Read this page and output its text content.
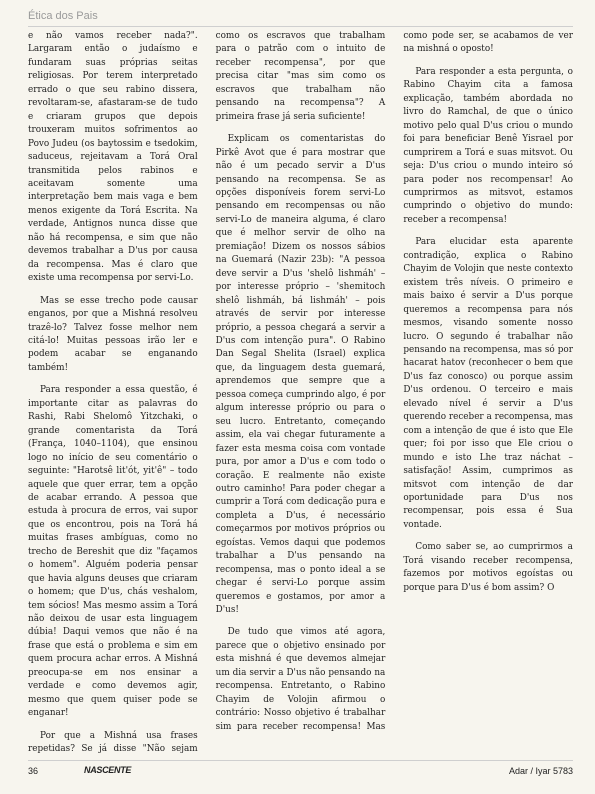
Ética dos Pais

e não vamos receber nada?". Largaram então o judaísmo e fundaram suas próprias seitas religiosas. Por terem interpretado errado o que seu rabino dissera, revoltaram-se, afastaram-se de tudo e criaram grupos que depois trouxeram muitos sofrimentos ao Povo Judeu (os baytossim e tsedokim, saduceus, rejeitavam a Torá Oral transmitida pelos rabinos e aceitavam somente uma interpretação bem mais vaga e bem menos exigente da Torá Escrita. Na verdade, Antignos nunca disse que não há recompensa, e sim que não devemos trabalhar a D'us por causa da recompensa. Mas é claro que existe uma recompensa por servi-Lo.

Mas se esse trecho pode causar enganos, por que a Mishná resolveu trazê-lo? Talvez fosse melhor nem citá-lo! Muitas pessoas irão ler e podem acabar se enganando também!

Para responder a essa questão, é importante citar as palavras do Rashi, Rabi Shelomô Yitzchaki, o grande comentarista da Torá (França, 1040–1104), que ensinou logo no início de seu comentário o seguinte: "Harotsê lit'ót, yit'ê" – todo aquele que quer errar, tem a opção de acabar errando. A pessoa que estuda à procura de erros, vai supor que os encontrou, pois na Torá há muitas frases ambíguas, como no trecho de Bereshit que diz "façamos o homem". Alguém poderia pensar que havia alguns deuses que criaram o homem; que D'us, chás veshalom, tem sócios! Mas mesmo assim a Torá não deixou de usar esta linguagem dúbia! Daqui vemos que não é na frase que está o problema e sim em quem procura achar erros. A Mishná preocupa-se em nos ensinar a verdade e como devemos agir, mesmo que quem quiser pode se enganar!

Por que a Mishná usa frases repetidas? Se já disse "Não sejam como os escravos que trabalham para o patrão com o intuito de receber recompensa", por que precisa citar "mas sim como os escravos que trabalham não pensando na recompensa"? A primeira frase já seria suficiente!

Explicam os comentaristas do Pirkê Avot que é para mostrar que não é um pecado servir a D'us pensando na recompensa. Se as opções disponíveis forem servi-Lo pensando em recompensas ou não servi-Lo de maneira alguma, é claro que é melhor servir de olho na premiação! Dizem os nossos sábios na Guemará (Nazir 23b): "A pessoa deve servir a D'us 'shelô lishmáh' – por interesse próprio – 'shemitoch shelô lishmáh, bá lishmáh' – pois através de servir por interesse próprio, a pessoa chegará a servir a D'us com intenção pura". O Rabino Dan Segal Shelita (Israel) explica que, da linguagem desta guemará, aprendemos que sempre que a pessoa começa cumprindo algo, é por algum interesse próprio ou para o seu lucro. Entretanto, começando assim, ela vai chegar futuramente a fazer esta mesma coisa com vontade pura, por amor a D'us e com todo o coração. E realmente não existe outro caminho! Para poder chegar a cumprir a Torá com dedicação pura e completa a D'us, é necessário começarmos por motivos próprios ou egoístas. Vemos daqui que podemos trabalhar a D'us pensando na recompensa, mas o ponto ideal a se chegar é servi-Lo porque assim queremos e gostamos, por amor a D'us!

De tudo que vimos até agora, parece que o objetivo ensinado por esta mishná é que devemos almejar um dia servir a D'us não pensando na recompensa. Entretanto, o Rabino Chayim de Volojin afirmou o contrário: Nosso objetivo é trabalhar sim para receber recompensa! Mas como pode ser, se acabamos de ver na mishná o oposto!

Para responder a esta pergunta, o Rabino Chayim cita a famosa explicação, também abordada no livro do Ramchal, de que o único motivo pelo qual D'us criou o mundo foi para beneficiar Benê Yisrael por cumprirem a Torá e suas mitsvot. Ou seja: D'us criou o mundo inteiro só para poder nos recompensar! Ao cumprirmos as mitsvot, estamos cumprindo o objetivo do mundo: receber a recompensa!

Para elucidar esta aparente contradição, explica o Rabino Chayim de Volojin que neste contexto existem três níveis. O primeiro e mais baixo é servir a D'us porque queremos a recompensa para nós mesmos, visando somente nosso lucro. O segundo é trabalhar não pensando na recompensa, mas só por hacarat hatov (reconhecer o bem que D'us faz conosco) ou porque assim D'us ordenou. O terceiro e mais elevado nível é servir a D'us querendo receber a recompensa, mas com a intenção de que é isto que Ele quer; foi por isso que Ele criou o mundo e isto Lhe traz náchat – satisfação! Assim, cumprimos as mitsvot com intenção de dar oportunidade para D'us nos recompensar, pois essa é Sua vontade.

Como saber se, ao cumprirmos a Torá visando receber recompensa, fazemos por motivos egoístas ou porque para D'us é bom assim? O

36	NASCENTE	Adar / Iyar 5783
